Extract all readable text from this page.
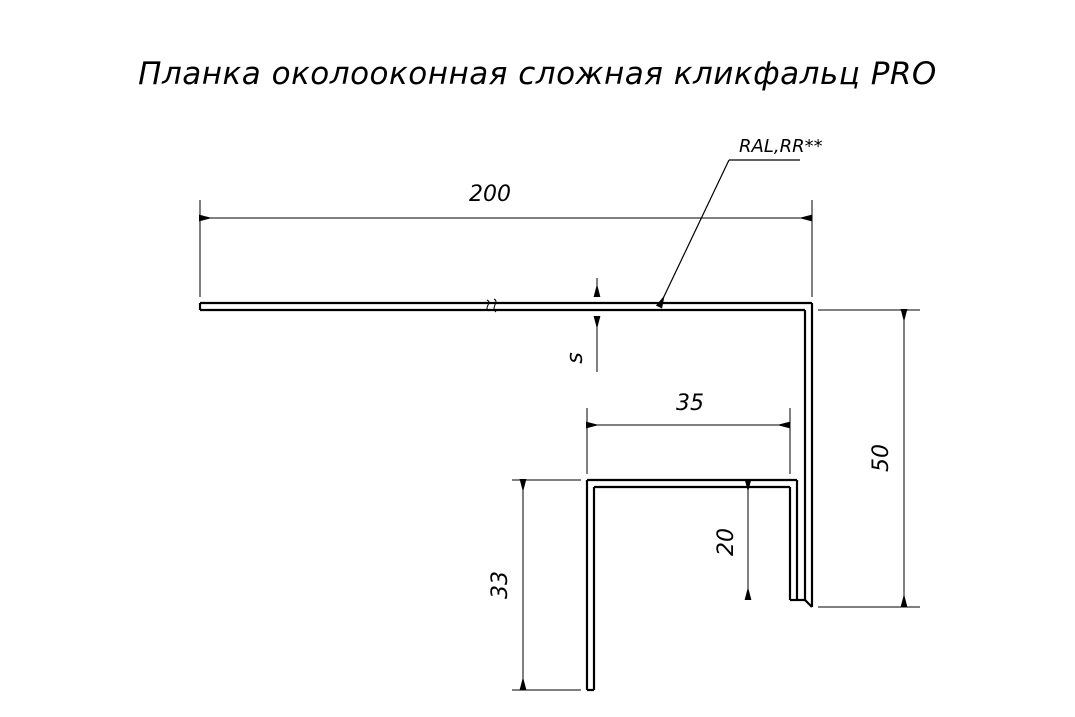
Планка околооконная сложная кликфальц PRO
200
s
RAL,RR**
35
50
20
33
